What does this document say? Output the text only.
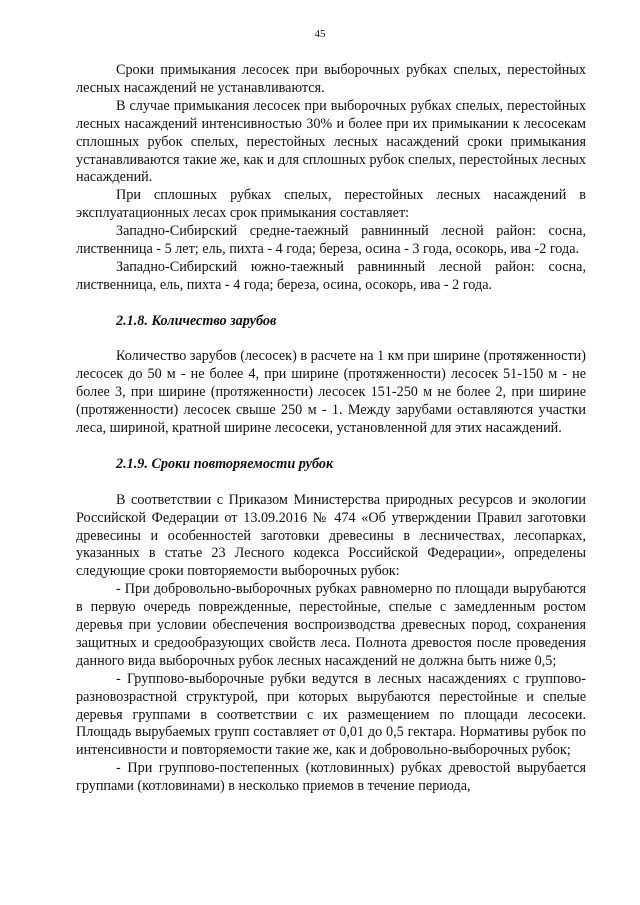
45

Сроки примыкания лесосек при выборочных рубках спелых, перестойных лесных насаждений не устанавливаются.

В случае примыкания лесосек при выборочных рубках спелых, перестойных лесных насаждений интенсивностью 30% и более при их примыкании к лесосекам сплошных рубок спелых, перестойных лесных насаждений сроки примыкания устанавливаются такие же, как и для сплошных рубок спелых, перестойных лесных насаждений.

При сплошных рубках спелых, перестойных лесных насаждений в эксплуатационных лесах срок примыкания составляет:

Западно-Сибирский средне-таежный равнинный лесной район: сосна, лиственница - 5 лет; ель, пихта - 4 года; береза, осина - 3 года, осокорь, ива -2 года.

Западно-Сибирский южно-таежный равнинный лесной район: сосна, лиственница, ель, пихта - 4 года; береза, осина, осокорь, ива - 2 года.

2.1.8. Количество зарубов

Количество зарубов (лесосек) в расчете на 1 км при ширине (протяженности) лесосек до 50 м - не более 4, при ширине (протяженности) лесосек 51-150 м - не более 3, при ширине (протяженности) лесосек 151-250 м не более 2, при ширине (протяженности) лесосек свыше 250 м - 1. Между зарубами оставляются участки леса, шириной, кратной ширине лесосеки, установленной для этих насаждений.

2.1.9. Сроки повторяемости рубок

В соответствии с Приказом Министерства природных ресурсов и экологии Российской Федерации от 13.09.2016 № 474 «Об утверждении Правил заготовки древесины и особенностей заготовки древесины в лесничествах, лесопарках, указанных в статье 23 Лесного кодекса Российской Федерации», определены следующие сроки повторяемости выборочных рубок:

- При добровольно-выборочных рубках равномерно по площади вырубаются в первую очередь поврежденные, перестойные, спелые с замедленным ростом деревья при условии обеспечения воспроизводства древесных пород, сохранения защитных и средообразующих свойств леса. Полнота древостоя после проведения данного вида выборочных рубок лесных насаждений не должна быть ниже 0,5;

- Группово-выборочные рубки ведутся в лесных насаждениях с группово-разновозрастной структурой, при которых вырубаются перестойные и спелые деревья группами в соответствии с их размещением по площади лесосеки. Площадь вырубаемых групп составляет от 0,01 до 0,5 гектара. Нормативы рубок по интенсивности и повторяемости такие же, как и добровольно-выборочных рубок;

- При группово-постепенных (котловинных) рубках древостой вырубается группами (котловинами) в несколько приемов в течение периода,
